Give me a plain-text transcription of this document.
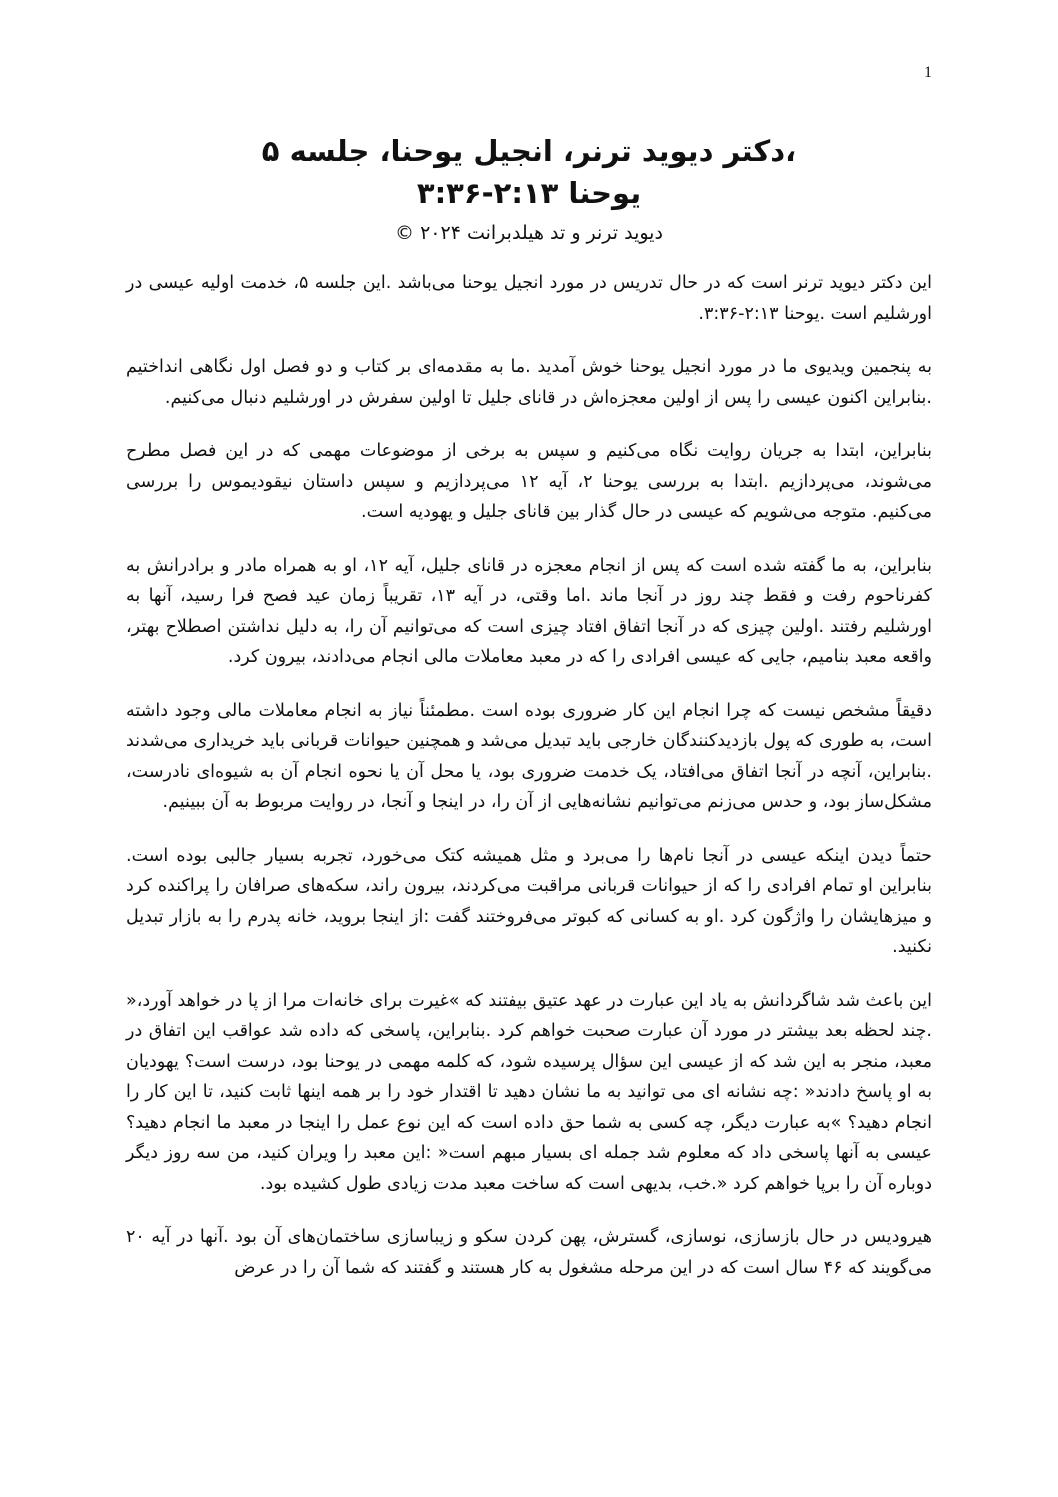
1
،دکتر دیوید ترنر، انجیل یوحنا، جلسه ۵
یوحنا ۲:۱۳-۳:۳۶
دیوید ترنر و تد هیلدبرانت ۲۰۲۴ ©

این دکتر دیوید ترنر است که در حال تدریس در مورد انجیل یوحنا می‌باشد .این جلسه ۵، خدمت اولیه عیسی در اورشلیم است .یوحنا ۲:۱۳-۳:۳۶.

به پنجمین ویدیوی ما در مورد انجیل یوحنا خوش آمدید .ما به مقدمه‌ای بر کتاب و دو فصل اول نگاهی انداختیم .بنابراین اکنون عیسی را پس از اولین معجزه‌اش در قانای جلیل تا اولین سفرش در اورشلیم دنبال می‌کنیم.

بنابراین، ابتدا به جریان روایت نگاه می‌کنیم و سپس به برخی از موضوعات مهمی که در این فصل مطرح می‌شوند، می‌پردازیم .ابتدا به بررسی یوحنا ۲، آیه ۱۲ می‌پردازیم و سپس داستان نیقودیموس را بررسی می‌کنیم. متوجه می‌شویم که عیسی در حال گذار بین قانای جلیل و یهودیه است.

بنابراین، به ما گفته شده است که پس از انجام معجزه در قانای جلیل، آیه ۱۲، او به همراه مادر و برادرانش به کفرناحوم رفت و فقط چند روز در آنجا ماند .اما وقتی، در آیه ۱۳، تقریباً زمان عید فصح فرا رسید، آنها به اورشلیم رفتند .اولین چیزی که در آنجا اتفاق افتاد چیزی است که می‌توانیم آن را، به دلیل نداشتن اصطلاح بهتر، واقعه معبد بنامیم، جایی که عیسی افرادی را که در معبد معاملات مالی انجام می‌دادند، بیرون کرد.

دقیقاً مشخص نیست که چرا انجام این کار ضروری بوده است .مطمئناً نیاز به انجام معاملات مالی وجود داشته است، به طوری که پول بازدیدکنندگان خارجی باید تبدیل می‌شد و همچنین حیوانات قربانی باید خریداری می‌شدند .بنابراین، آنچه در آنجا اتفاق می‌افتاد، یک خدمت ضروری بود، یا محل آن یا نحوه انجام آن به شیوه‌ای نادرست، مشکل‌ساز بود، و حدس می‌زنم می‌توانیم نشانه‌هایی از آن را، در اینجا و آنجا، در روایت مربوط به آن ببینیم.

حتماً دیدن اینکه عیسی در آنجا نام‌ها را می‌برد و مثل همیشه کتک می‌خورد، تجربه بسیار جالبی بوده است. بنابراین او تمام افرادی را که از حیوانات قربانی مراقبت می‌کردند، بیرون راند، سکه‌های صرافان را پراکنده کرد و میزهایشان را واژگون کرد .او به کسانی که کبوتر می‌فروختند گفت :از اینجا بروید، خانه پدرم را به بازار تبدیل نکنید.

این باعث شد شاگردانش به یاد این عبارت در عهد عتیق بیفتند که »غیرت برای خانه‌ات مرا از پا در خواهد آورد،« .چند لحظه بعد بیشتر در مورد آن عبارت صحبت خواهم کرد .بنابراین، پاسخی که داده شد عواقب این اتفاق در معبد، منجر به این شد که از عیسی این سؤال پرسیده شود، که کلمه مهمی در یوحنا بود، درست است؟ یهودیان به او پاسخ دادند« :چه نشانه ای می توانید به ما نشان دهید تا اقتدار خود را بر همه اینها ثابت کنید، تا این کار را انجام دهید؟ »به عبارت دیگر، چه کسی به شما حق داده است که این نوع عمل را اینجا در معبد ما انجام دهید؟ عیسی به آنها پاسخی داد که معلوم شد جمله ای بسیار مبهم است« :این معبد را ویران کنید، من سه روز دیگر دوباره آن را برپا خواهم کرد «.خب، بدیهی است که ساخت معبد مدت زیادی طول کشیده بود.

هیرودیس در حال بازسازی، نوسازی، گسترش، پهن کردن سکو و زیباسازی ساختمان‌های آن بود .آنها در آیه ۲۰ می‌گویند که ۴۶ سال است که در این مرحله مشغول به کار هستند و گفتند که شما آن را در عرض
